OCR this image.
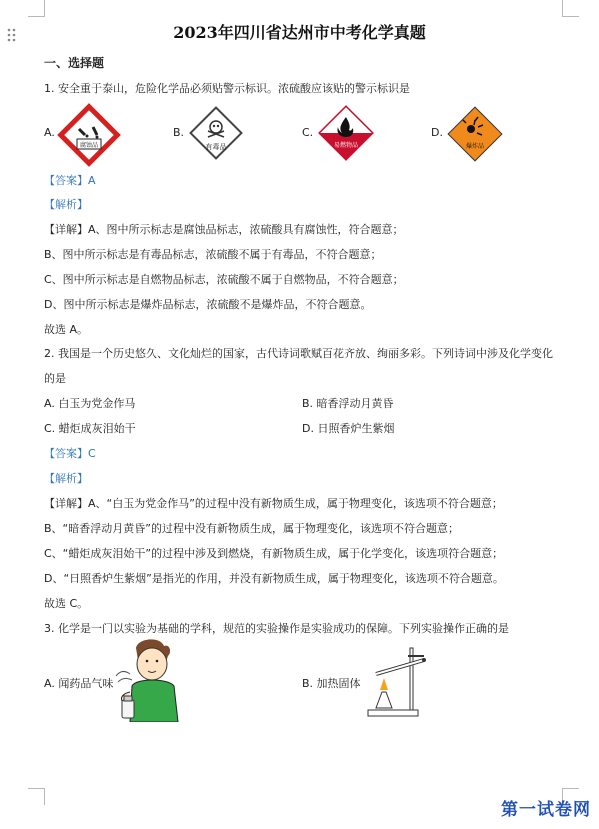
2023年四川省达州市中考化学真题
一、选择题
1. 安全重于泰山，危险化学品必须贴警示标识。浓硫酸应该贴的警示标识是
A.
腐蚀品
B.
有毒品
C.
易燃物品
D.
爆炸品
【答案】A
【解析】
【详解】A、图中所示标志是腐蚀品标志，浓硫酸具有腐蚀性，符合题意；
B、图中所示标志是有毒品标志，浓硫酸不属于有毒品，不符合题意；
C、图中所示标志是自燃物品标志，浓硫酸不属于自燃物品，不符合题意；
D、图中所示标志是爆炸品标志，浓硫酸不是爆炸品，不符合题意。
故选 A。
2. 我国是一个历史悠久、文化灿烂的国家，古代诗词歌赋百花齐放、绚丽多彩。下列诗词中涉及化学变化
的是
A. 白玉为党金作马	B. 暗香浮动月黄昏
C. 蜡炬成灰泪始干	D. 日照香炉生紫烟
【答案】C
【解析】
【详解】A、“白玉为党金作马”的过程中没有新物质生成，属于物理变化，该选项不符合题意；
B、“暗香浮动月黄昏”的过程中没有新物质生成，属于物理变化，该选项不符合题意；
C、“蜡炬成灰泪始干”的过程中涉及到燃烧，有新物质生成，属于化学变化，该选项符合题意；
D、“日照香炉生紫烟”是指光的作用，并没有新物质生成，属于物理变化，该选项不符合题意。
故选 C。
3. 化学是一门以实验为基础的学科，规范的实验操作是实验成功的保障。下列实验操作正确的是
A. 闻药品气味	B. 加热固体
第一试卷网
